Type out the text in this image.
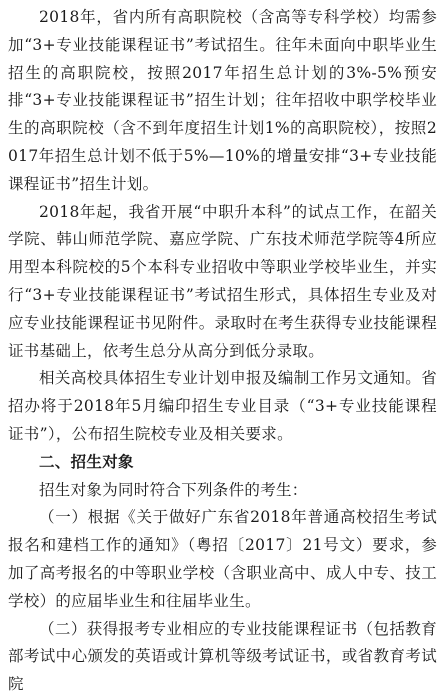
2018年，省内所有高职院校（含高等专科学校）均需参加“3+专业技能课程证书”考试招生。往年未面向中职毕业生招生的高职院校，按照2017年招生总计划的3%-5%预安排“3+专业技能课程证书”招生计划；往年招收中职学校毕业生的高职院校（含不到年度招生计划1%的高职院校），按照2017年招生总计划不低于5%—10%的增量安排“3+专业技能课程证书”招生计划。

2018年起，我省开展“中职升本科”的试点工作，在韶关学院、韩山师范学院、嘉应学院、广东技术师范学院等4所应用型本科院校的5个本科专业招收中等职业学校毕业生，并实行“3+专业技能课程证书”考试招生形式，具体招生专业及对应专业技能课程证书见附件。录取时在考生获得专业技能课程证书基础上，依考生总分从高分到低分录取。

相关高校具体招生专业计划申报及编制工作另文通知。省招办将于2018年5月编印招生专业目录（“3+专业技能课程证书”），公布招生院校专业及相关要求。

二、招生对象

招生对象为同时符合下列条件的考生：

（一）根据《关于做好广东省2018年普通高校招生考试报名和建档工作的通知》（粤招〔2017〕21号文）要求，参加了高考报名的中等职业学校（含职业高中、成人中专、技工学校）的应届毕业生和往届毕业生。

（二）获得报考专业相应的专业技能课程证书（包括教育部考试中心颁发的英语或计算机等级考试证书，或省教育考试院
